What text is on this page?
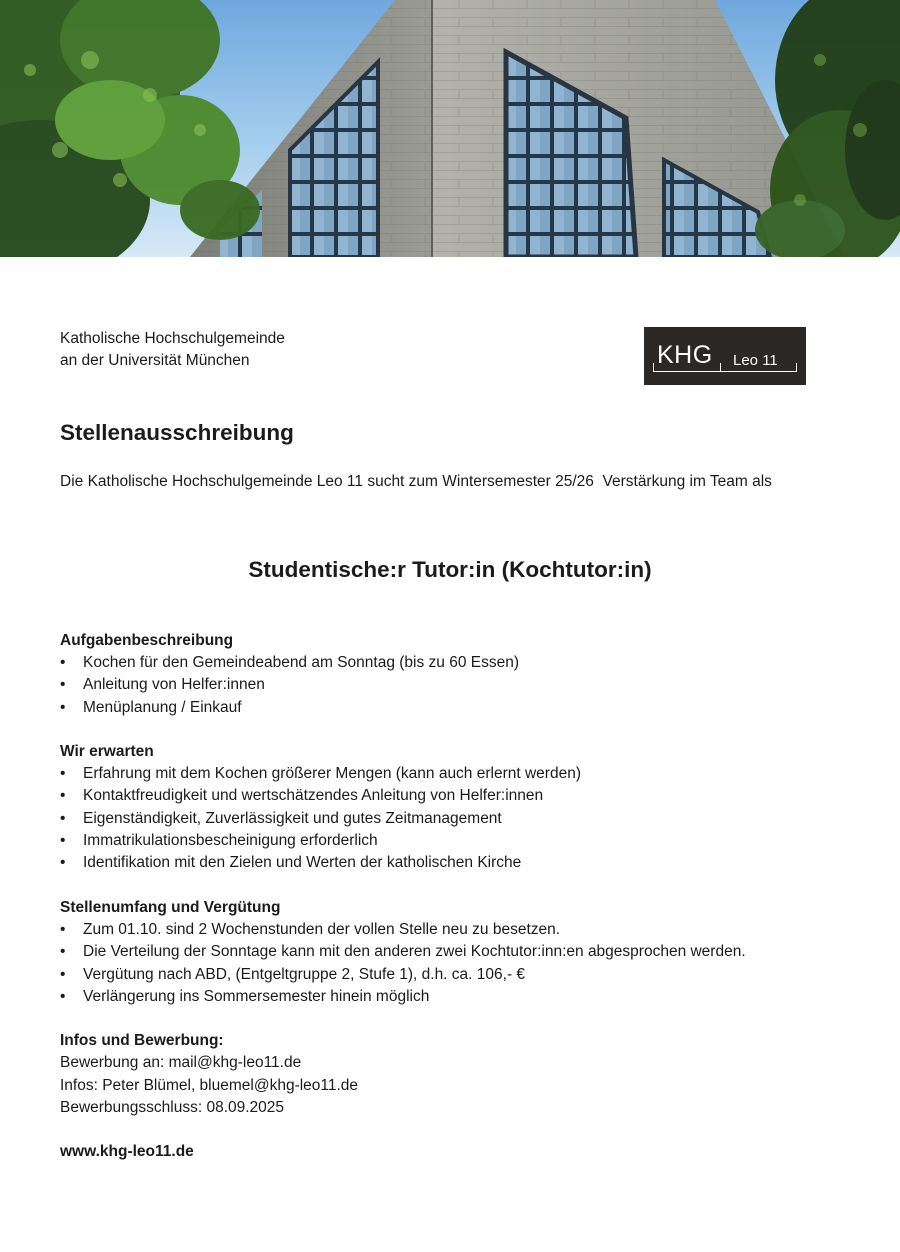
Katholische Hochschulgemeinde
an der Universität München	KHG Leo 11
Stellenausschreibung
Die Katholische Hochschulgemeinde Leo 11 sucht zum Wintersemester 25/26  Verstärkung im Team als
Studentische:r Tutor:in (Kochtutor:in)
Aufgabenbeschreibung
• Kochen für den Gemeindeabend am Sonntag (bis zu 60 Essen)
• Anleitung von Helfer:innen
• Menüplanung / Einkauf
Wir erwarten
• Erfahrung mit dem Kochen größerer Mengen (kann auch erlernt werden)
• Kontaktfreudigkeit und wertschätzendes Anleitung von Helfer:innen
• Eigenständigkeit, Zuverlässigkeit und gutes Zeitmanagement
• Immatrikulationsbescheinigung erforderlich
• Identifikation mit den Zielen und Werten der katholischen Kirche
Stellenumfang und Vergütung
• Zum 01.10. sind 2 Wochenstunden der vollen Stelle neu zu besetzen.
• Die Verteilung der Sonntage kann mit den anderen zwei Kochtutor:inn:en abgesprochen werden.
• Vergütung nach ABD, (Entgeltgruppe 2, Stufe 1), d.h. ca. 106,- €
• Verlängerung ins Sommersemester hinein möglich
Infos und Bewerbung:
Bewerbung an: mail@khg-leo11.de
Infos: Peter Blümel, bluemel@khg-leo11.de
Bewerbungsschluss: 08.09.2025
www.khg-leo11.de
